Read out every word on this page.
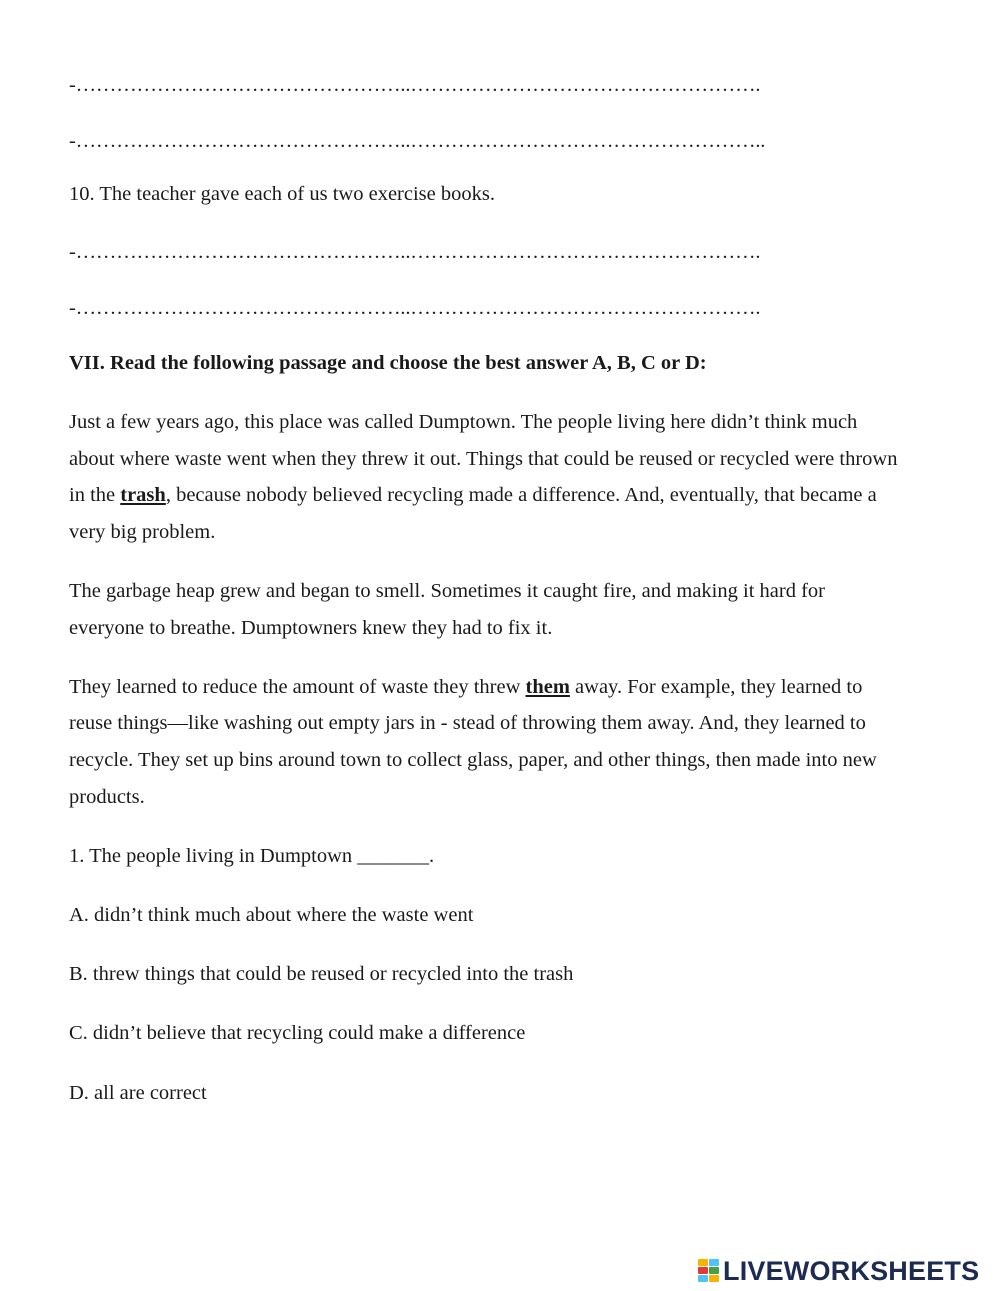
-…………………………………………..…………………………………………….
-…………………………………………..……………………………………………..
10. The teacher gave each of us two exercise books.
-…………………………………………..…………………………………………….
-…………………………………………..…………………………………………….
VII. Read the following passage and choose the best answer A, B, C or D:
Just a few years ago, this place was called Dumptown. The people living here didn’t think much
about where waste went when they threw it out. Things that could be reused or recycled were thrown
in the trash, because nobody believed recycling made a difference. And, eventually, that became a
very big problem.
The garbage heap grew and began to smell. Sometimes it caught fire, and making it hard for
everyone to breathe. Dumptowners knew they had to fix it.
They learned to reduce the amount of waste they threw them away. For example, they learned to
reuse things—like washing out empty jars in - stead of throwing them away. And, they learned to
recycle. They set up bins around town to collect glass, paper, and other things, then made into new
products.
1. The people living in Dumptown _______.
A. didn’t think much about where the waste went
B. threw things that could be reused or recycled into the trash
C. didn’t believe that recycling could make a difference
D. all are correct
LIVEWORKSHEETS
